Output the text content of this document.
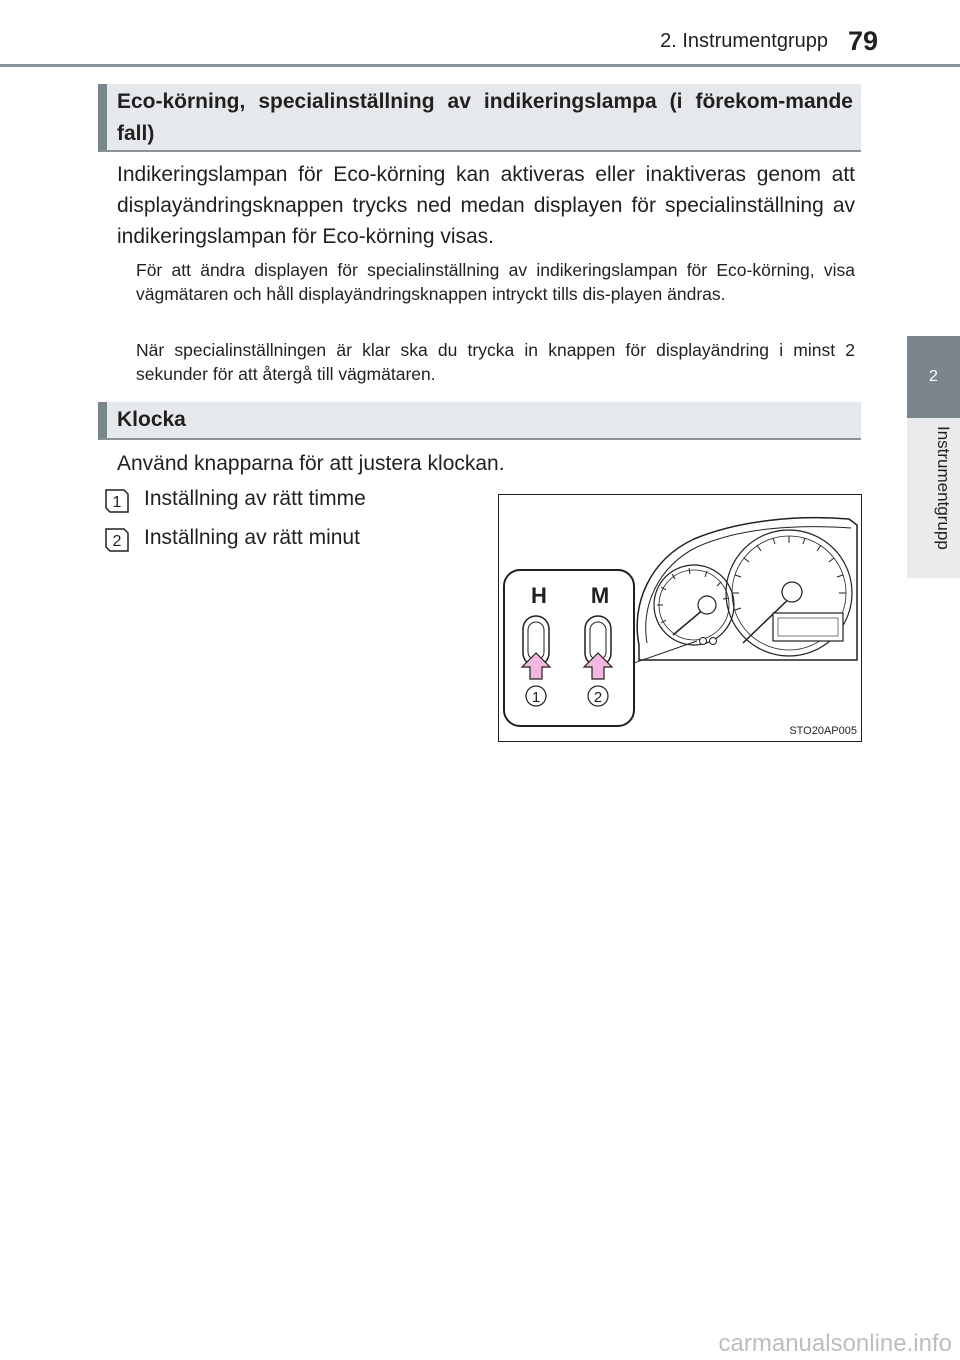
2. Instrumentgrupp 79
2
Instrumentgrupp
Eco-körning, specialinställning av indikeringslampa (i förekom-mande fall)

Indikeringslampan för Eco-körning kan aktiveras eller inaktiveras genom att displayändringsknappen trycks ned medan displayen för specialinställning av indikeringslampan för Eco-körning visas.

För att ändra displayen för specialinställning av indikeringslampan för Eco-körning, visa vägmätaren och håll displayändringsknappen intryckt tills dis-playen ändras.

När specialinställningen är klar ska du trycka in knappen för displayändring i minst 2 sekunder för att återgå till vägmätaren.

Klocka

Använd knapparna för att justera klockan.

1 Inställning av rätt timme
2 Inställning av rätt minut
H M
1	2
STO20AP005
carmanualsonline.info
